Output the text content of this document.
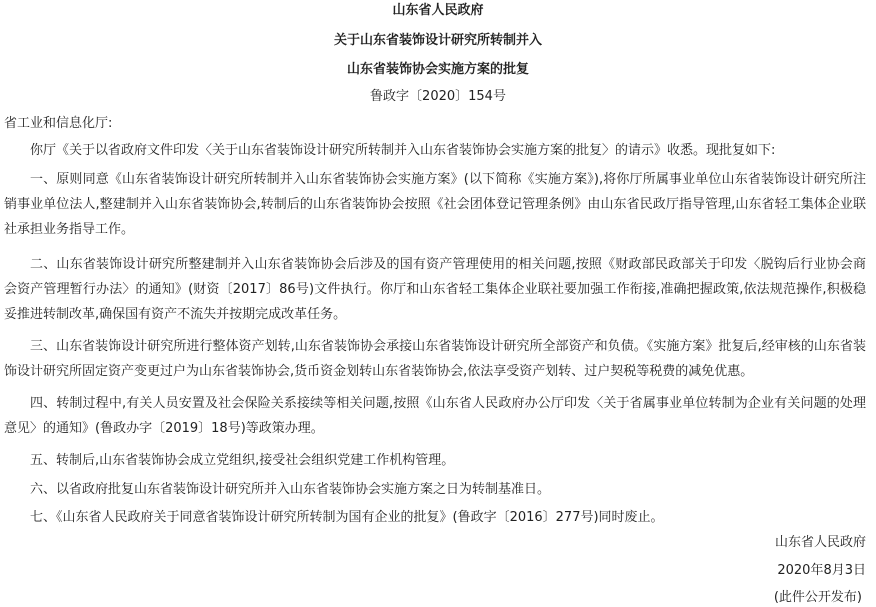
山东省人民政府
关于山东省装饰设计研究所转制并入
山东省装饰协会实施方案的批复
鲁政字〔2020〕154号
省工业和信息化厅:
你厅《关于以省政府文件印发〈关于山东省装饰设计研究所转制并入山东省装饰协会实施方案的批复〉的请示》收悉。现批复如下:
一、原则同意《山东省装饰设计研究所转制并入山东省装饰协会实施方案》(以下简称《实施方案》),将你厅所属事业单位山东省装饰设计研究所注销事业单位法人,整建制并入山东省装饰协会,转制后的山东省装饰协会按照《社会团体登记管理条例》由山东省民政厅指导管理,山东省轻工集体企业联社承担业务指导工作。
二、山东省装饰设计研究所整建制并入山东省装饰协会后涉及的国有资产管理使用的相关问题,按照《财政部民政部关于印发〈脱钩后行业协会商会资产管理暂行办法〉的通知》(财资〔2017〕86号)文件执行。你厅和山东省轻工集体企业联社要加强工作衔接,准确把握政策,依法规范操作,积极稳妥推进转制改革,确保国有资产不流失并按期完成改革任务。
三、山东省装饰设计研究所进行整体资产划转,山东省装饰协会承接山东省装饰设计研究所全部资产和负债。《实施方案》批复后,经审核的山东省装饰设计研究所固定资产变更过户为山东省装饰协会,货币资金划转山东省装饰协会,依法享受资产划转、过户契税等税费的减免优惠。
四、转制过程中,有关人员安置及社会保险关系接续等相关问题,按照《山东省人民政府办公厅印发〈关于省属事业单位转制为企业有关问题的处理意见〉的通知》(鲁政办字〔2019〕18号)等政策办理。
五、转制后,山东省装饰协会成立党组织,接受社会组织党建工作机构管理。
六、以省政府批复山东省装饰设计研究所并入山东省装饰协会实施方案之日为转制基准日。
七、《山东省人民政府关于同意省装饰设计研究所转制为国有企业的批复》(鲁政字〔2016〕277号)同时废止。
山东省人民政府
2020年8月3日
(此件公开发布)
